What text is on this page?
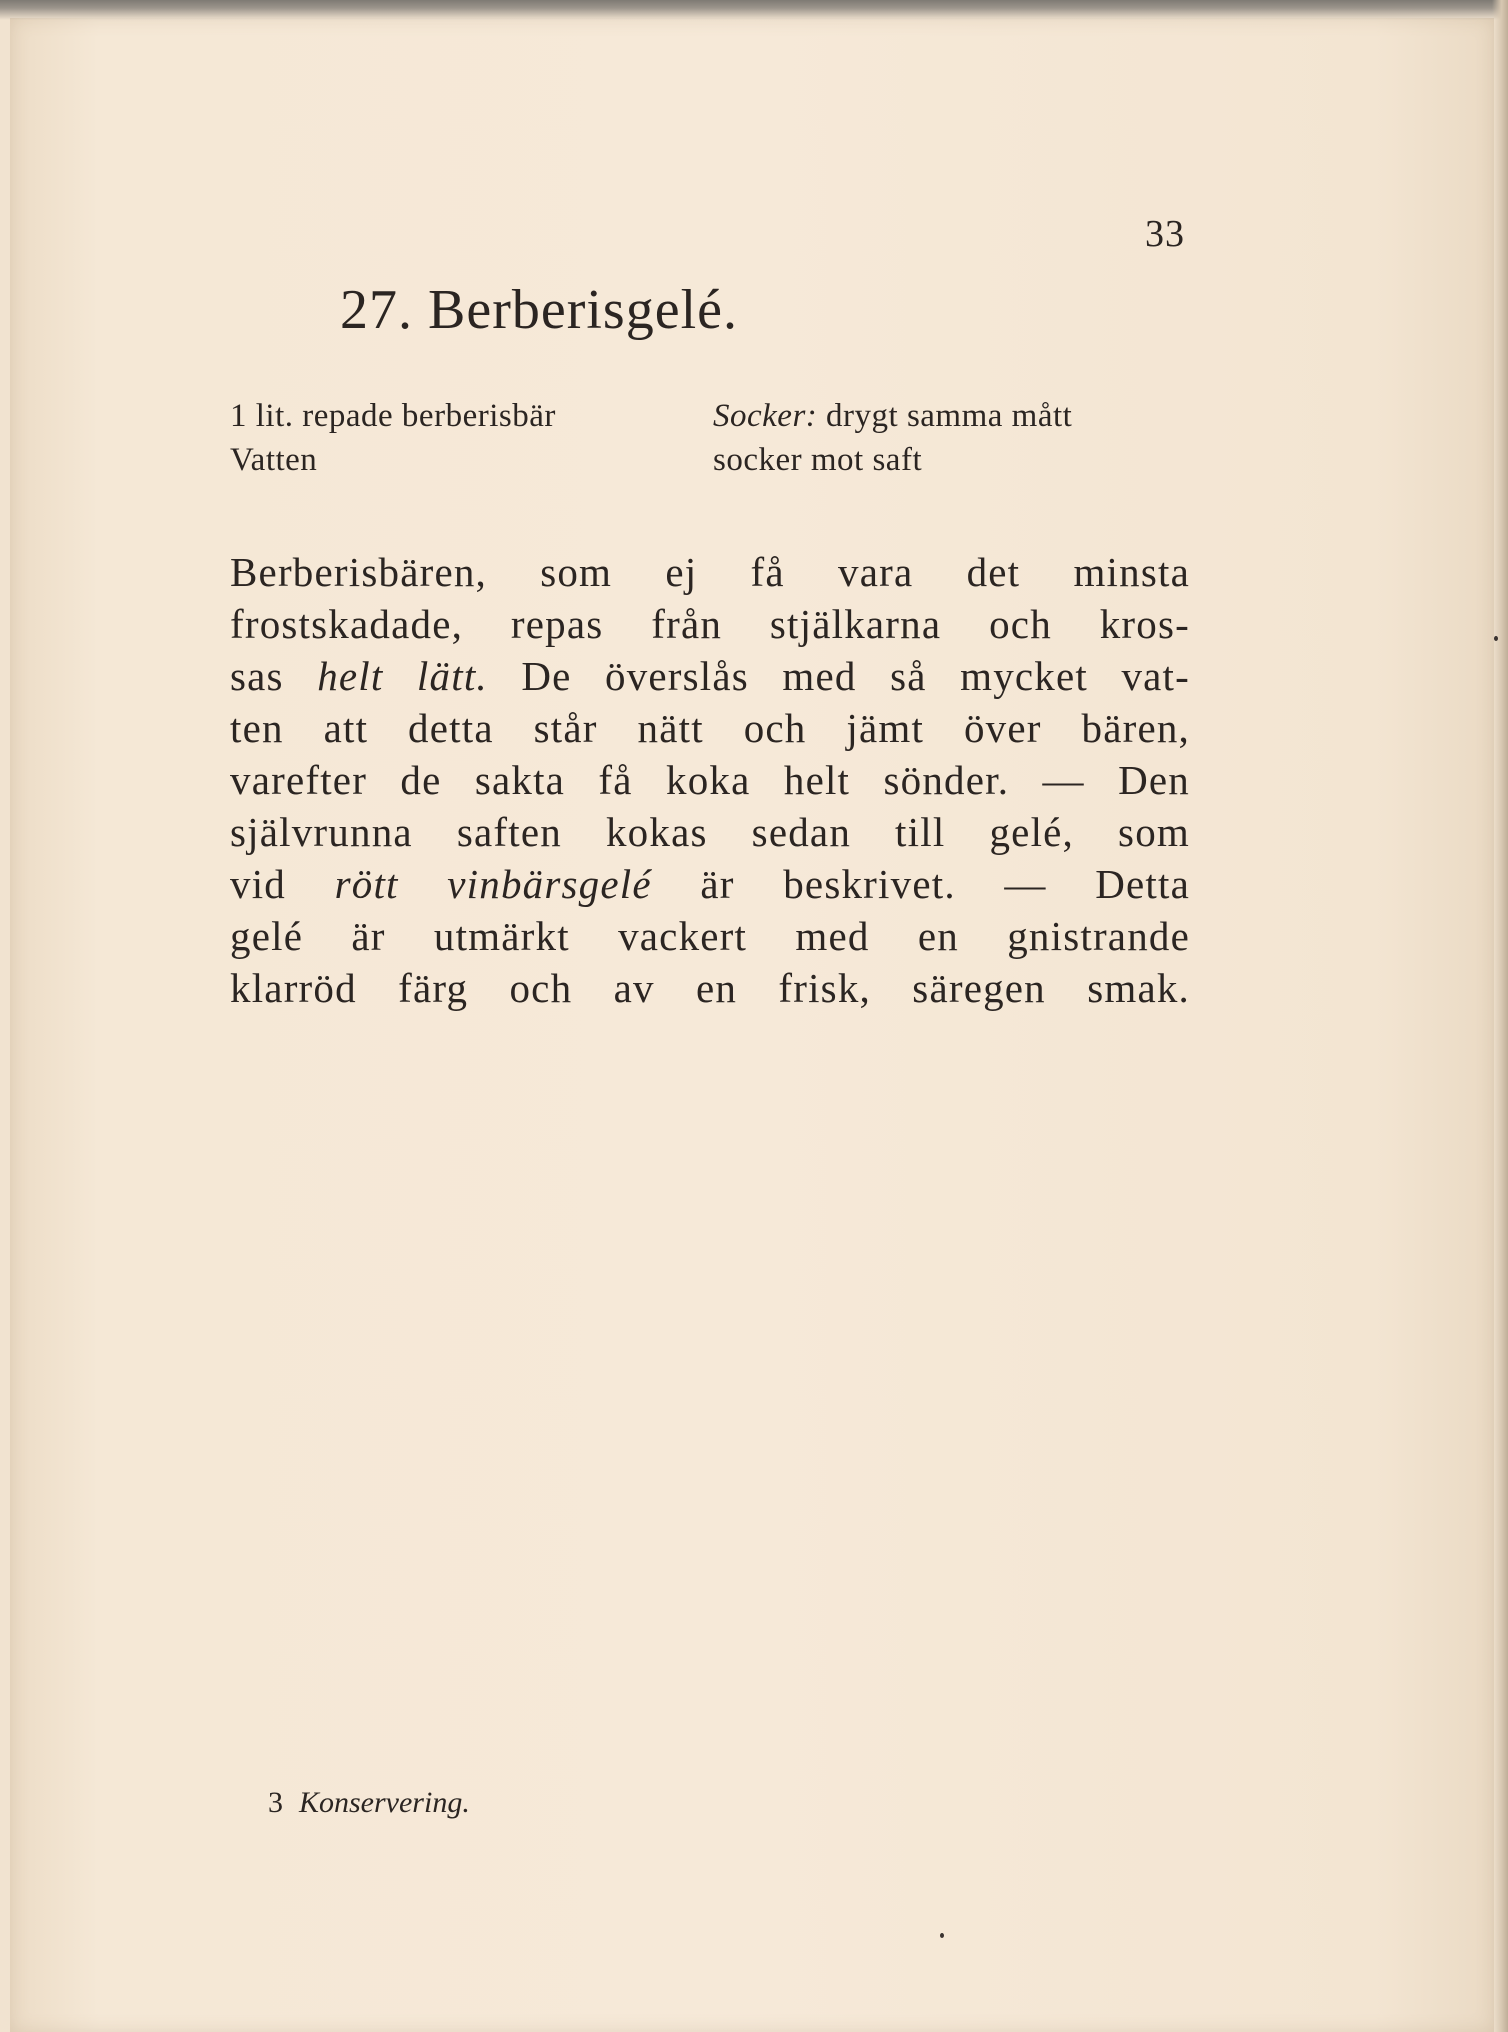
33
27. Berberisgelé.
1 lit. repade berberisbär
Vatten
Socker: drygt samma mått
socker mot saft
Berberisbären, som ej få vara det minsta
frostskadade, repas från stjälkarna och kros-
sas helt lätt. De överslås med så mycket vat-
ten att detta står nätt och jämt över bären,
varefter de sakta få koka helt sönder. — Den
självrunna saften kokas sedan till gelé, som
vid rött vinbärsgelé är beskrivet. — Detta
gelé är utmärkt vackert med en gnistrande
klarröd färg och av en frisk, säregen smak.
3 Konservering.
